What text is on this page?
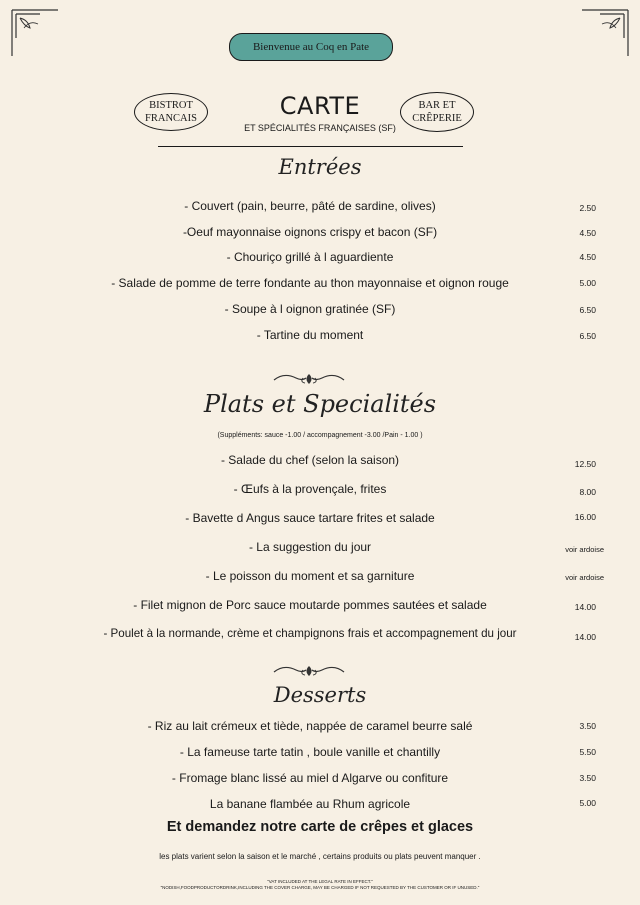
Bienvenue au Coq en Pate
BISTROT
FRANCAIS
BAR ET
CRÊPERIE
CARTE
ET SPÉCIALITÉS FRANÇAISES (SF)
Entrées
- Couvert (pain, beurre, pâté de sardine, olives)	2.50
-Oeuf mayonnaise oignons crispy et bacon (SF)	4.50
- Chouriço grillé à l aguardiente	4.50
- Salade de pomme de terre fondante au thon mayonnaise et oignon rouge	5.00
- Soupe à l oignon gratinée (SF)	6.50
- Tartine du moment	6.50
Plats et Specialités
(Suppléments: sauce -1.00 / accompagnement -3.00 /Pain - 1.00 )
- Salade du chef (selon la saison)	12.50
- Œufs à la provençale, frites	8.00
- Bavette d Angus sauce tartare frites et salade	16.00
- La suggestion du jour	voir ardoise
- Le poisson du moment et sa garniture	voir ardoise
- Filet mignon de Porc sauce moutarde pommes sautées et salade	14.00
- Poulet à la normande, crème et champignons frais et accompagnement du jour	14.00
Desserts
- Riz au lait crémeux et tiède, nappée de caramel beurre salé	3.50
- La fameuse tarte tatin , boule vanille et chantilly	5.50
- Fromage blanc lissé au miel d Algarve ou confiture	3.50
La banane flambée au Rhum agricole	5.00
Et demandez notre carte de crêpes et glaces
les plats varient selon la saison et le marché , certains produits ou plats peuvent manquer .
"VAT INCLUDED AT THE LEGAL RATE IN EFFECT."
"NODISH,FOODPRODUCTORDRINK,INCLUDING THE COVER CHARGE, MAY BE CHARGED IF NOT REQUESTED BY THE CUSTOMER OR IF UNUSED."
